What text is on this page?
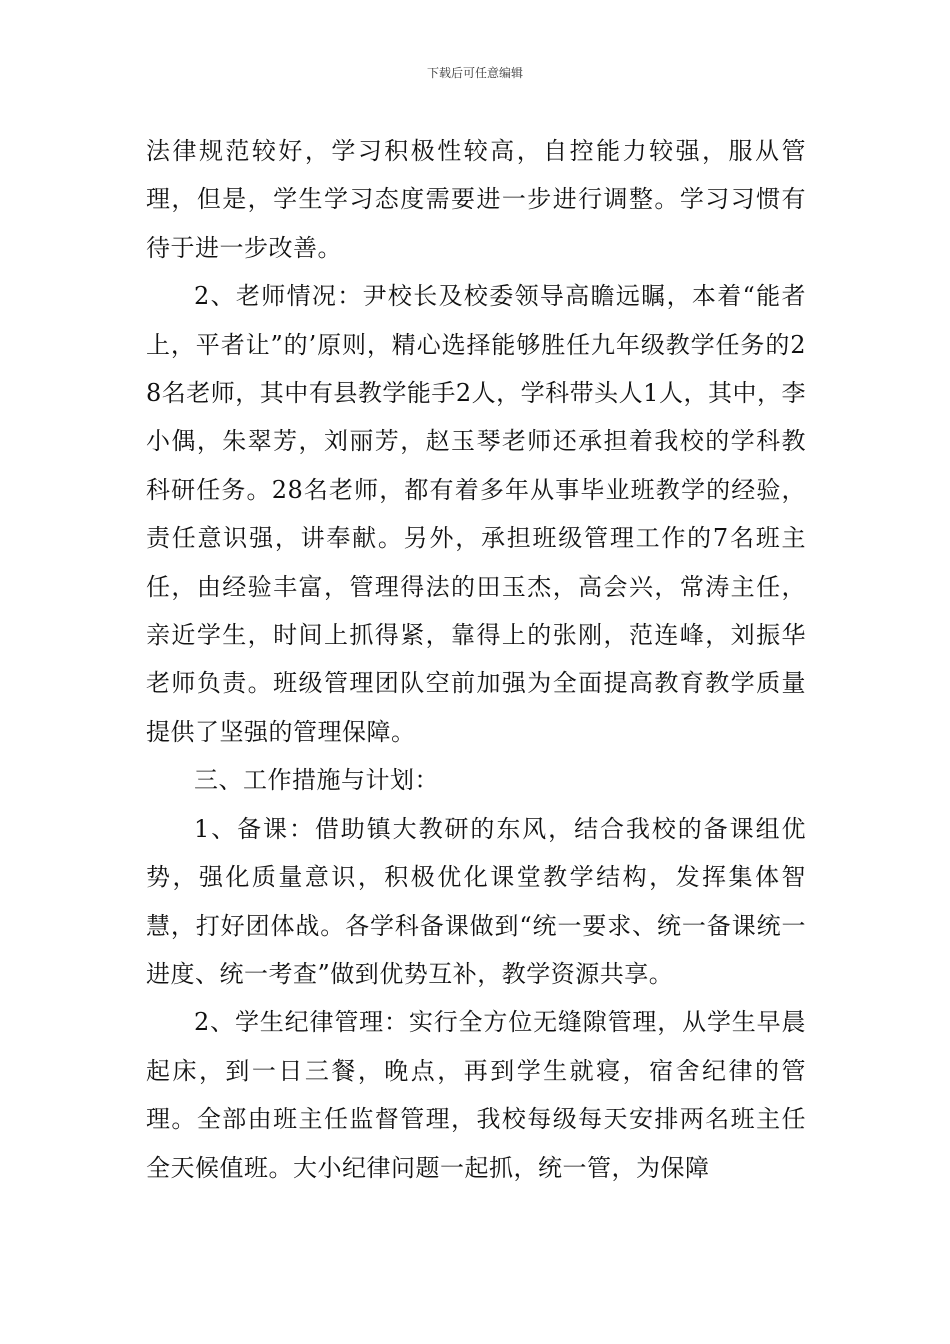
下载后可任意编辑

法律规范较好，学习积极性较高，自控能力较强，服从管理，但是，学生学习态度需要进一步进行调整。学习习惯有待于进一步改善。

2、老师情况：尹校长及校委领导高瞻远瞩，本着“能者上，平者让”的’原则，精心选择能够胜任九年级教学任务的28名老师，其中有县教学能手2人，学科带头人1人，其中，李小偶，朱翠芳，刘丽芳，赵玉琴老师还承担着我校的学科教科研任务。28名老师，都有着多年从事毕业班教学的经验，责任意识强，讲奉献。另外，承担班级管理工作的7名班主任，由经验丰富，管理得法的田玉杰，高会兴，常涛主任，亲近学生，时间上抓得紧，靠得上的张刚，范连峰，刘振华老师负责。班级管理团队空前加强为全面提高教育教学质量提供了坚强的管理保障。

三、工作措施与计划：

1、备课：借助镇大教研的东风，结合我校的备课组优势，强化质量意识，积极优化课堂教学结构，发挥集体智慧，打好团体战。各学科备课做到“统一要求、统一备课统一进度、统一考查”做到优势互补，教学资源共享。

2、学生纪律管理：实行全方位无缝隙管理，从学生早晨起床，到一日三餐，晚点，再到学生就寝，宿舍纪律的管理。全部由班主任监督管理，我校每级每天安排两名班主任全天候值班。大小纪律问题一起抓，统一管，为保障
